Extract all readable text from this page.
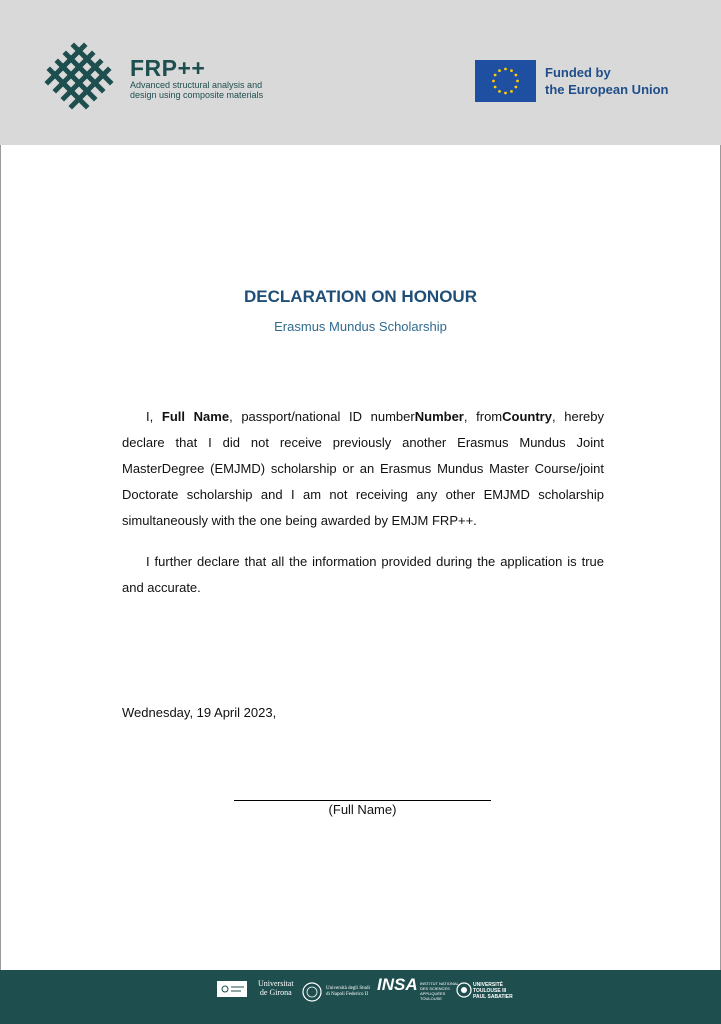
FRP++
Advanced structural analysis and
design using composite materials
Funded by
the European Union
DECLARATION ON HONOUR
Erasmus Mundus Scholarship
I, Full Name, passport/national ID numberNumber, fromCountry, hereby declare that I did not receive previously another Erasmus Mundus Joint MasterDegree (EMJMD) scholarship or an Erasmus Mundus Master Course/joint Doctorate scholarship and I am not receiving any other EMJMD scholarship simultaneously with the one being awarded by EMJM FRP++.
I further declare that all the information provided during the application is true and accurate.
Wednesday, 19 April 2023,
(Full Name)
Universitat
de Girona	Università degli Studi
di Napoli Federico II
INSA INSTITUT NATIONAL
DES SCIENCES
APPLIQUÉES
TOULOUSE
UNIVERSITÉ
TOULOUSE III
PAUL SABATIER
